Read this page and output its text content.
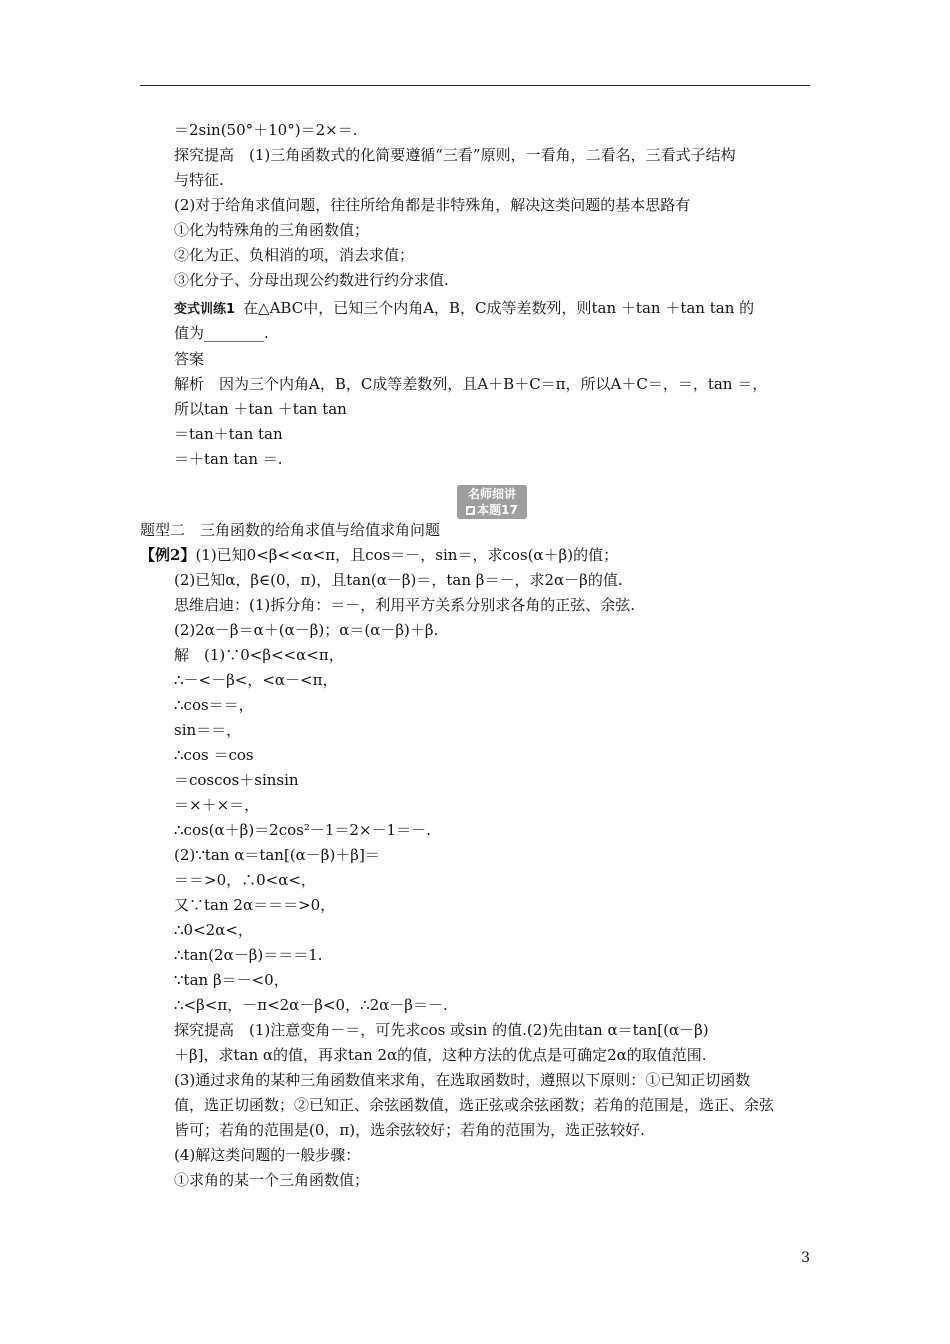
＝2sin(50°＋10°)＝2×＝.
探究提高　(1)三角函数式的化简要遵循“三看”原则，一看角，二看名，三看式子结构
与特征.
(2)对于给角求值问题，往往所给角都是非特殊角，解决这类问题的基本思路有
①化为特殊角的三角函数值；
②化为正、负相消的项，消去求值；
③化分子、分母出现公约数进行约分求值.
变式训练1 在△ABC中，已知三个内角A，B，C成等差数列，则tan ＋tan ＋tan tan 的
值为________.
答案
解析　因为三个内角A，B，C成等差数列，且A＋B＋C＝π，所以A＋C＝，＝，tan ＝，
所以tan ＋tan ＋tan tan
＝tan＋tan tan
＝＋tan tan ＝.
题型二　三角函数的给角求值与给值求角问题
【例2】(1)已知0<β<<α<π，且cos＝－，sin＝，求cos(α＋β)的值；
(2)已知α，β∈(0，π)，且tan(α－β)＝，tan β＝－，求2α－β的值.
思维启迪：(1)拆分角：＝－，利用平方关系分别求各角的正弦、余弦.
(2)2α－β＝α＋(α－β)；α＝(α－β)＋β.
解　(1)∵0<β<<α<π，
∴－<－β<，<α－<π，
∴cos＝＝，
sin＝＝，
∴cos ＝cos
＝coscos＋sinsin
＝×＋×＝，
∴cos(α＋β)＝2cos²－1＝2×－1＝－.
(2)∵tan α＝tan[(α－β)＋β]＝
＝＝>0，∴0<α<，
又∵tan 2α＝＝＝>0，
∴0<2α<，
∴tan(2α－β)＝＝＝1.
∵tan β＝－<0，
∴<β<π，－π<2α－β<0，∴2α－β＝－.
探究提高　(1)注意变角－＝，可先求cos 或sin 的值.(2)先由tan α＝tan[(α－β)
＋β]，求tan α的值，再求tan 2α的值，这种方法的优点是可确定2α的取值范围.
(3)通过求角的某种三角函数值来求角，在选取函数时，遵照以下原则：①已知正切函数
值，选正切函数；②已知正、余弦函数值，选正弦或余弦函数；若角的范围是，选正、余弦
皆可；若角的范围是(0，π)，选余弦较好；若角的范围为，选正弦较好.
(4)解这类问题的一般步骤：
①求角的某一个三角函数值；
名师细讲
本题17
3
